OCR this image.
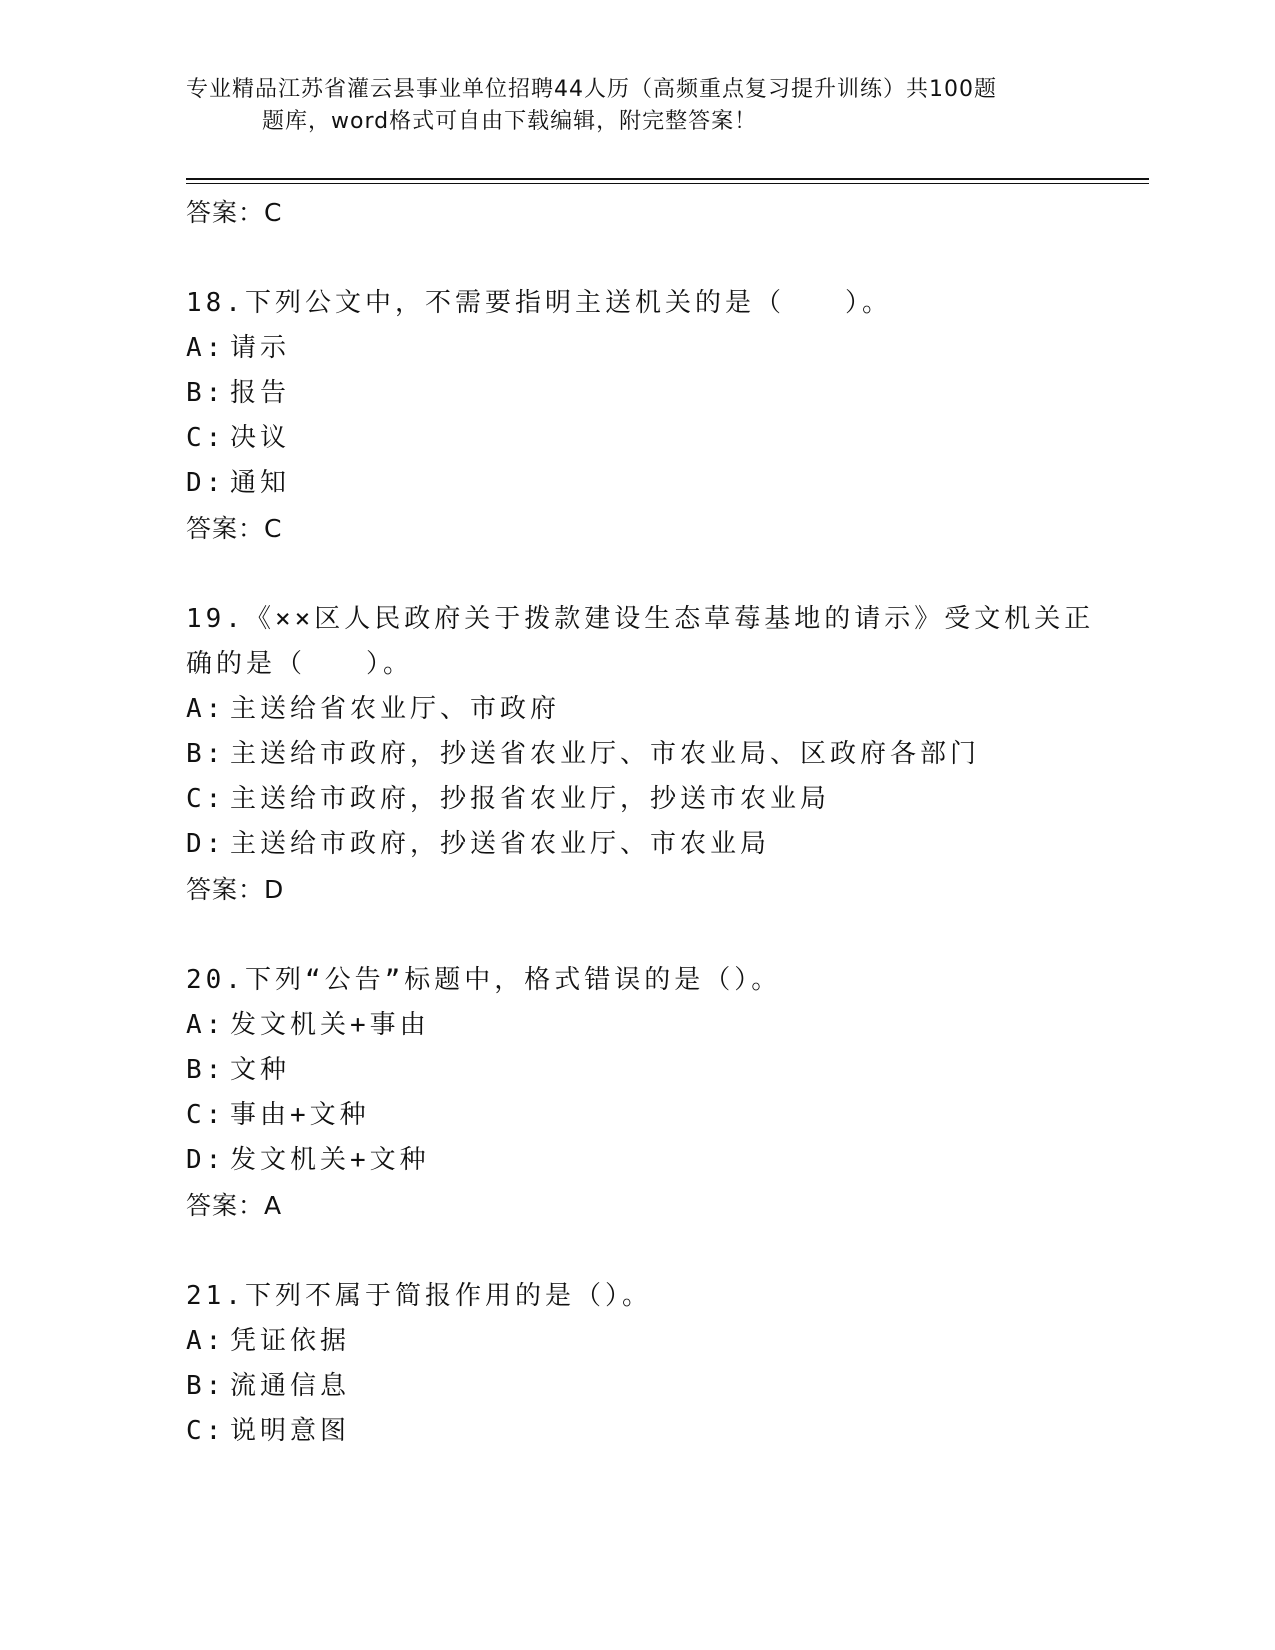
专业精品江苏省灌云县事业单位招聘44人历（高频重点复习提升训练）共100题
题库，word格式可自由下载编辑，附完整答案！
答案：C
18.下列公文中，不需要指明主送机关的是（　　）。
A: 请示
B: 报告
C: 决议
D: 通知
答案：C
19.《××区人民政府关于拨款建设生态草莓基地的请示》受文机关正
确的是（　　）。
A: 主送给省农业厅、市政府
B: 主送给市政府，抄送省农业厅、市农业局、区政府各部门
C: 主送给市政府，抄报省农业厅，抄送市农业局
D: 主送给市政府，抄送省农业厅、市农业局
答案：D
20.下列“公告”标题中，格式错误的是（）。
A: 发文机关+事由
B: 文种
C: 事由+文种
D: 发文机关+文种
答案：A
21.下列不属于简报作用的是（）。
A: 凭证依据
B: 流通信息
C: 说明意图
